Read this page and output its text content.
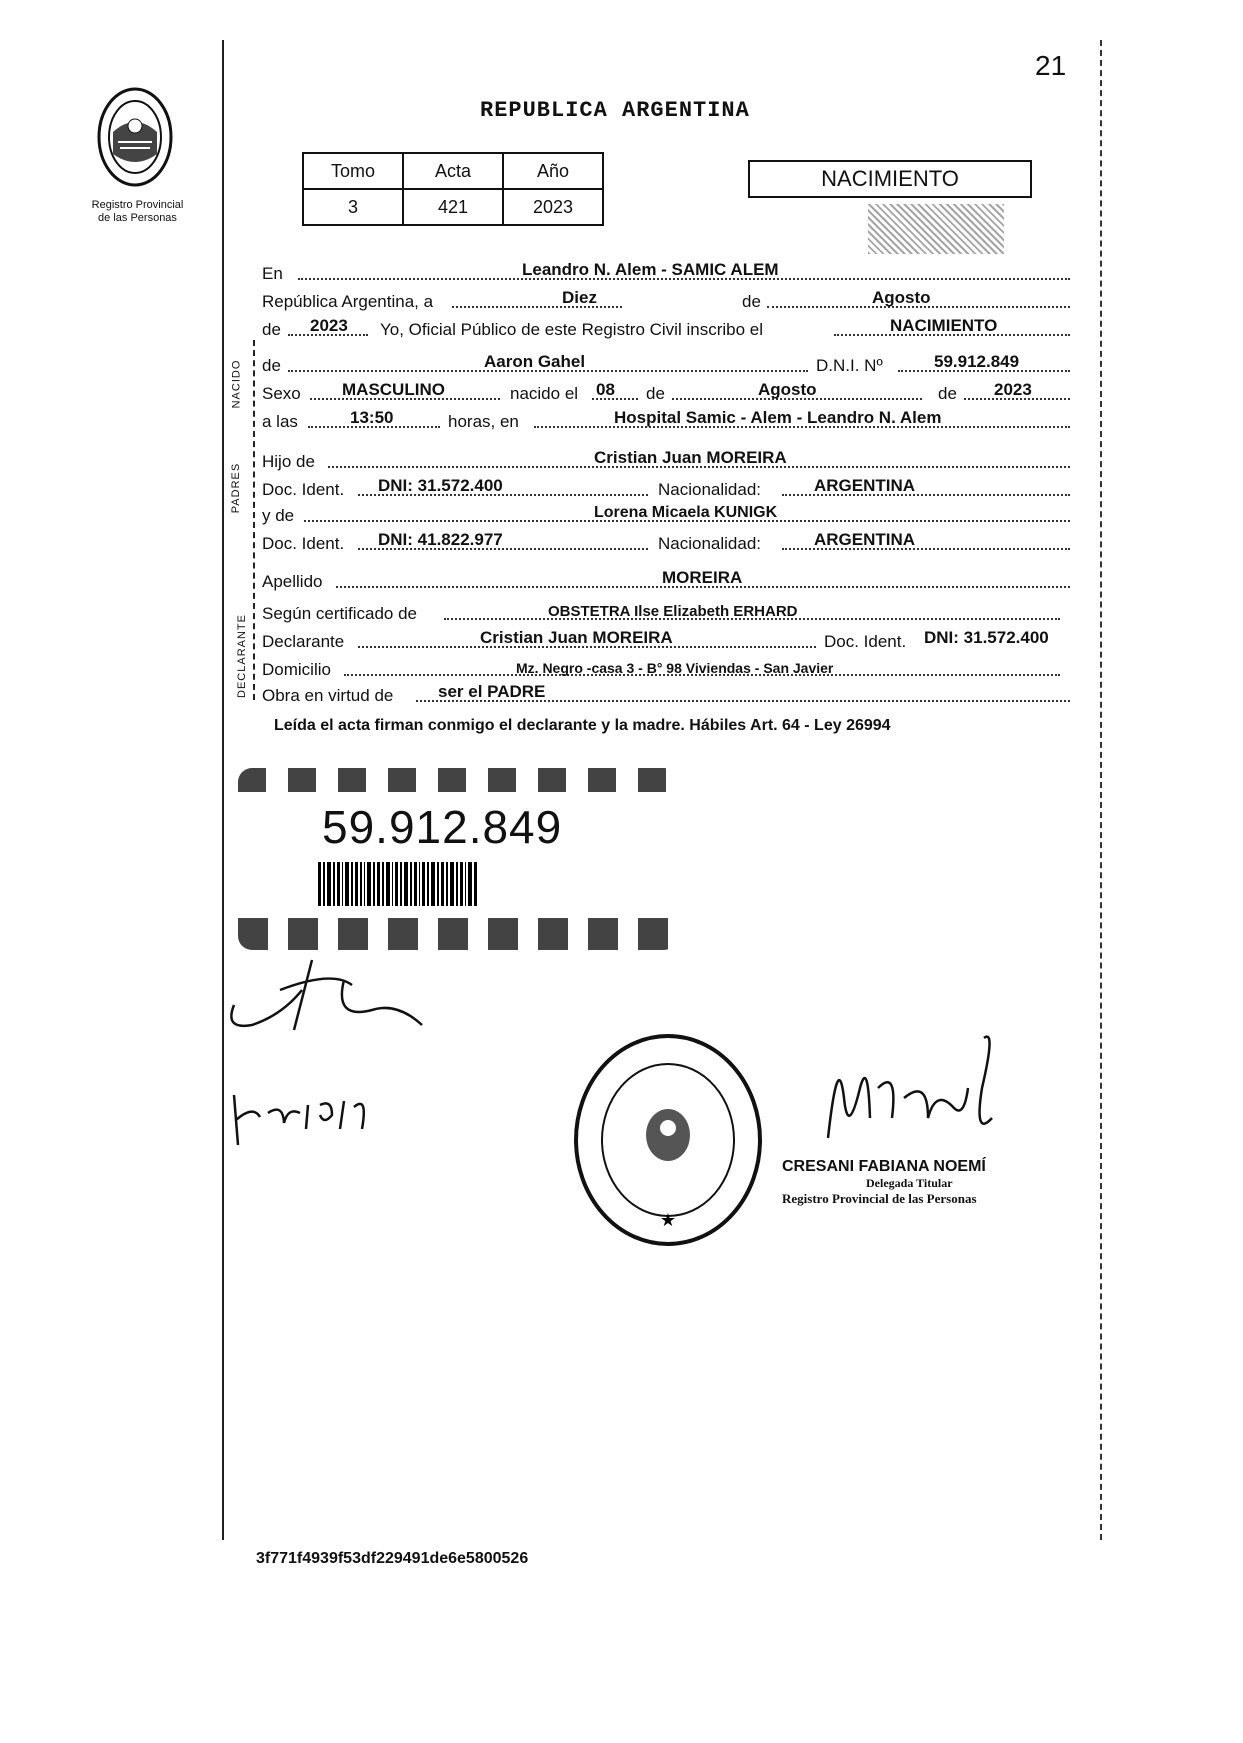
21
Registro Provincial
de las Personas
REPUBLICA ARGENTINA
Tomo	Acta	Año
3	421	2023
NACIMIENTO
NACIDO
PADRES
DECLARANTE
En	Leandro N. Alem - SAMIC ALEM
República Argentina, a	Diez	de	Agosto
de 2023 Yo, Oficial Público de este Registro Civil inscribo el	NACIMIENTO
de	Aaron Gahel	D.N.I. Nº	59.912.849
Sexo MASCULINO	nacido el 08 de	Agosto	de 2023
a las	13:50	horas, en	Hospital Samic - Alem - Leandro N. Alem
Hijo de	Cristian Juan MOREIRA
Doc. Ident. DNI: 31.572.400	Nacionalidad:	ARGENTINA
y de	Lorena Micaela KUNIGK
Doc. Ident. DNI: 41.822.977	Nacionalidad:	ARGENTINA
Apellido	MOREIRA
Según certificado de	OBSTETRA Ilse Elizabeth ERHARD
Declarante	Cristian Juan MOREIRA	Doc. Ident. DNI: 31.572.400
Domicilio	Mz. Negro -casa 3 - B° 98 Viviendas - San Javier
Obra en virtud de	ser el PADRE
Leída el acta firman conmigo el declarante y la madre. Hábiles Art. 64 - Ley 26994
59.912.849
★
CRESANI FABIANA NOEMÍ
Delegada Titular
Registro Provincial de las Personas
3f771f4939f53df229491de6e5800526
